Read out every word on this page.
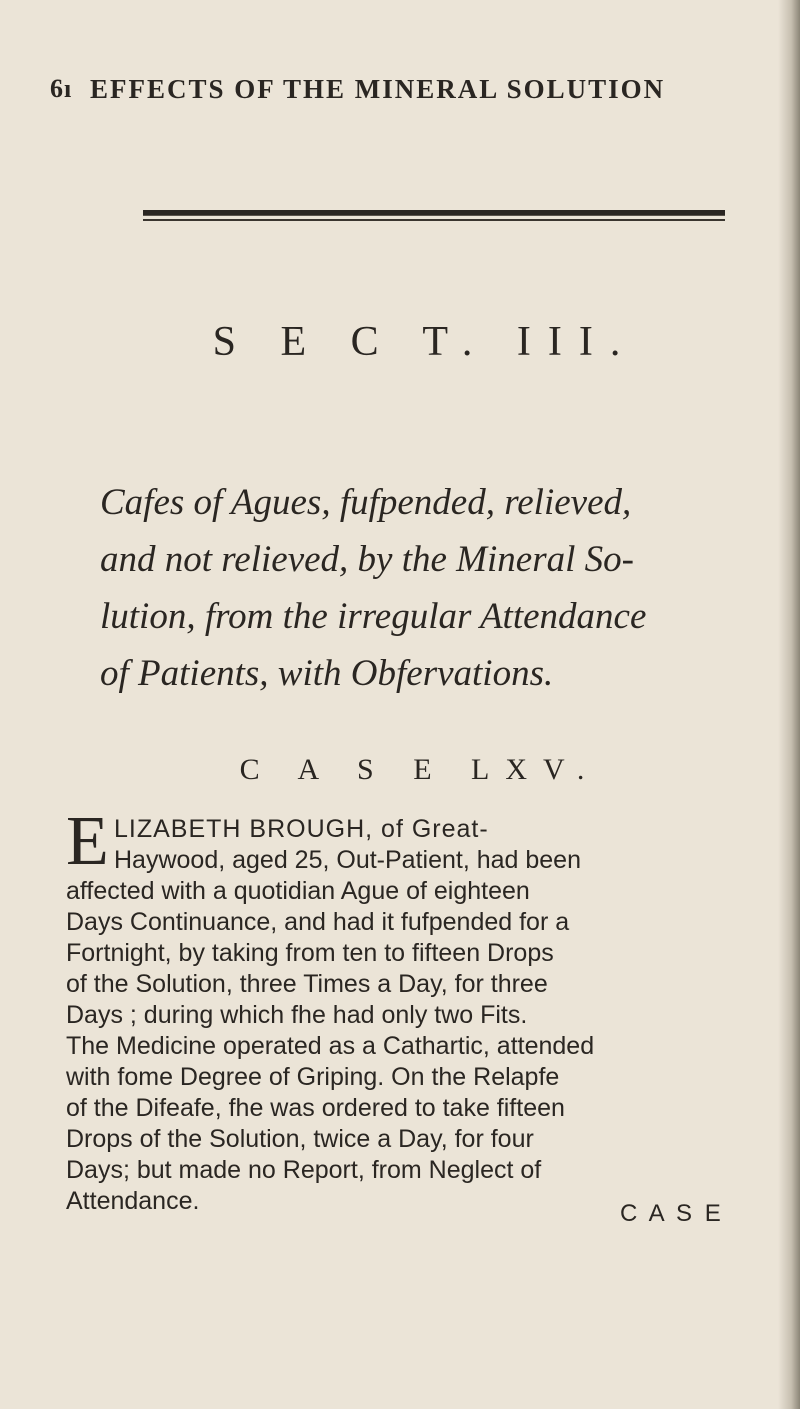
6ı EFFECTS OF THE MINERAL SOLUTION
S E C T. III.
Cafes of Agues, fufpended, relieved,
and not relieved, by the Mineral So-
lution, from the irregular Attendance
of Patients, with Obfervations.
C A S E LXV.
E LIZABETH BROUGH, of Great-
Haywood, aged 25, Out-Patient, had been
affected with a quotidian Ague of eighteen
Days Continuance, and had it fufpended for a
Fortnight, by taking from ten to fifteen Drops
of the Solution, three Times a Day, for three
Days ; during which fhe had only two Fits.
The Medicine operated as a Cathartic, attended
with fome Degree of Griping. On the Relapfe
of the Difeafe, fhe was ordered to take fifteen
Drops of the Solution, twice a Day, for four
Days; but made no Report, from Neglect of
Attendance.	C A S E
